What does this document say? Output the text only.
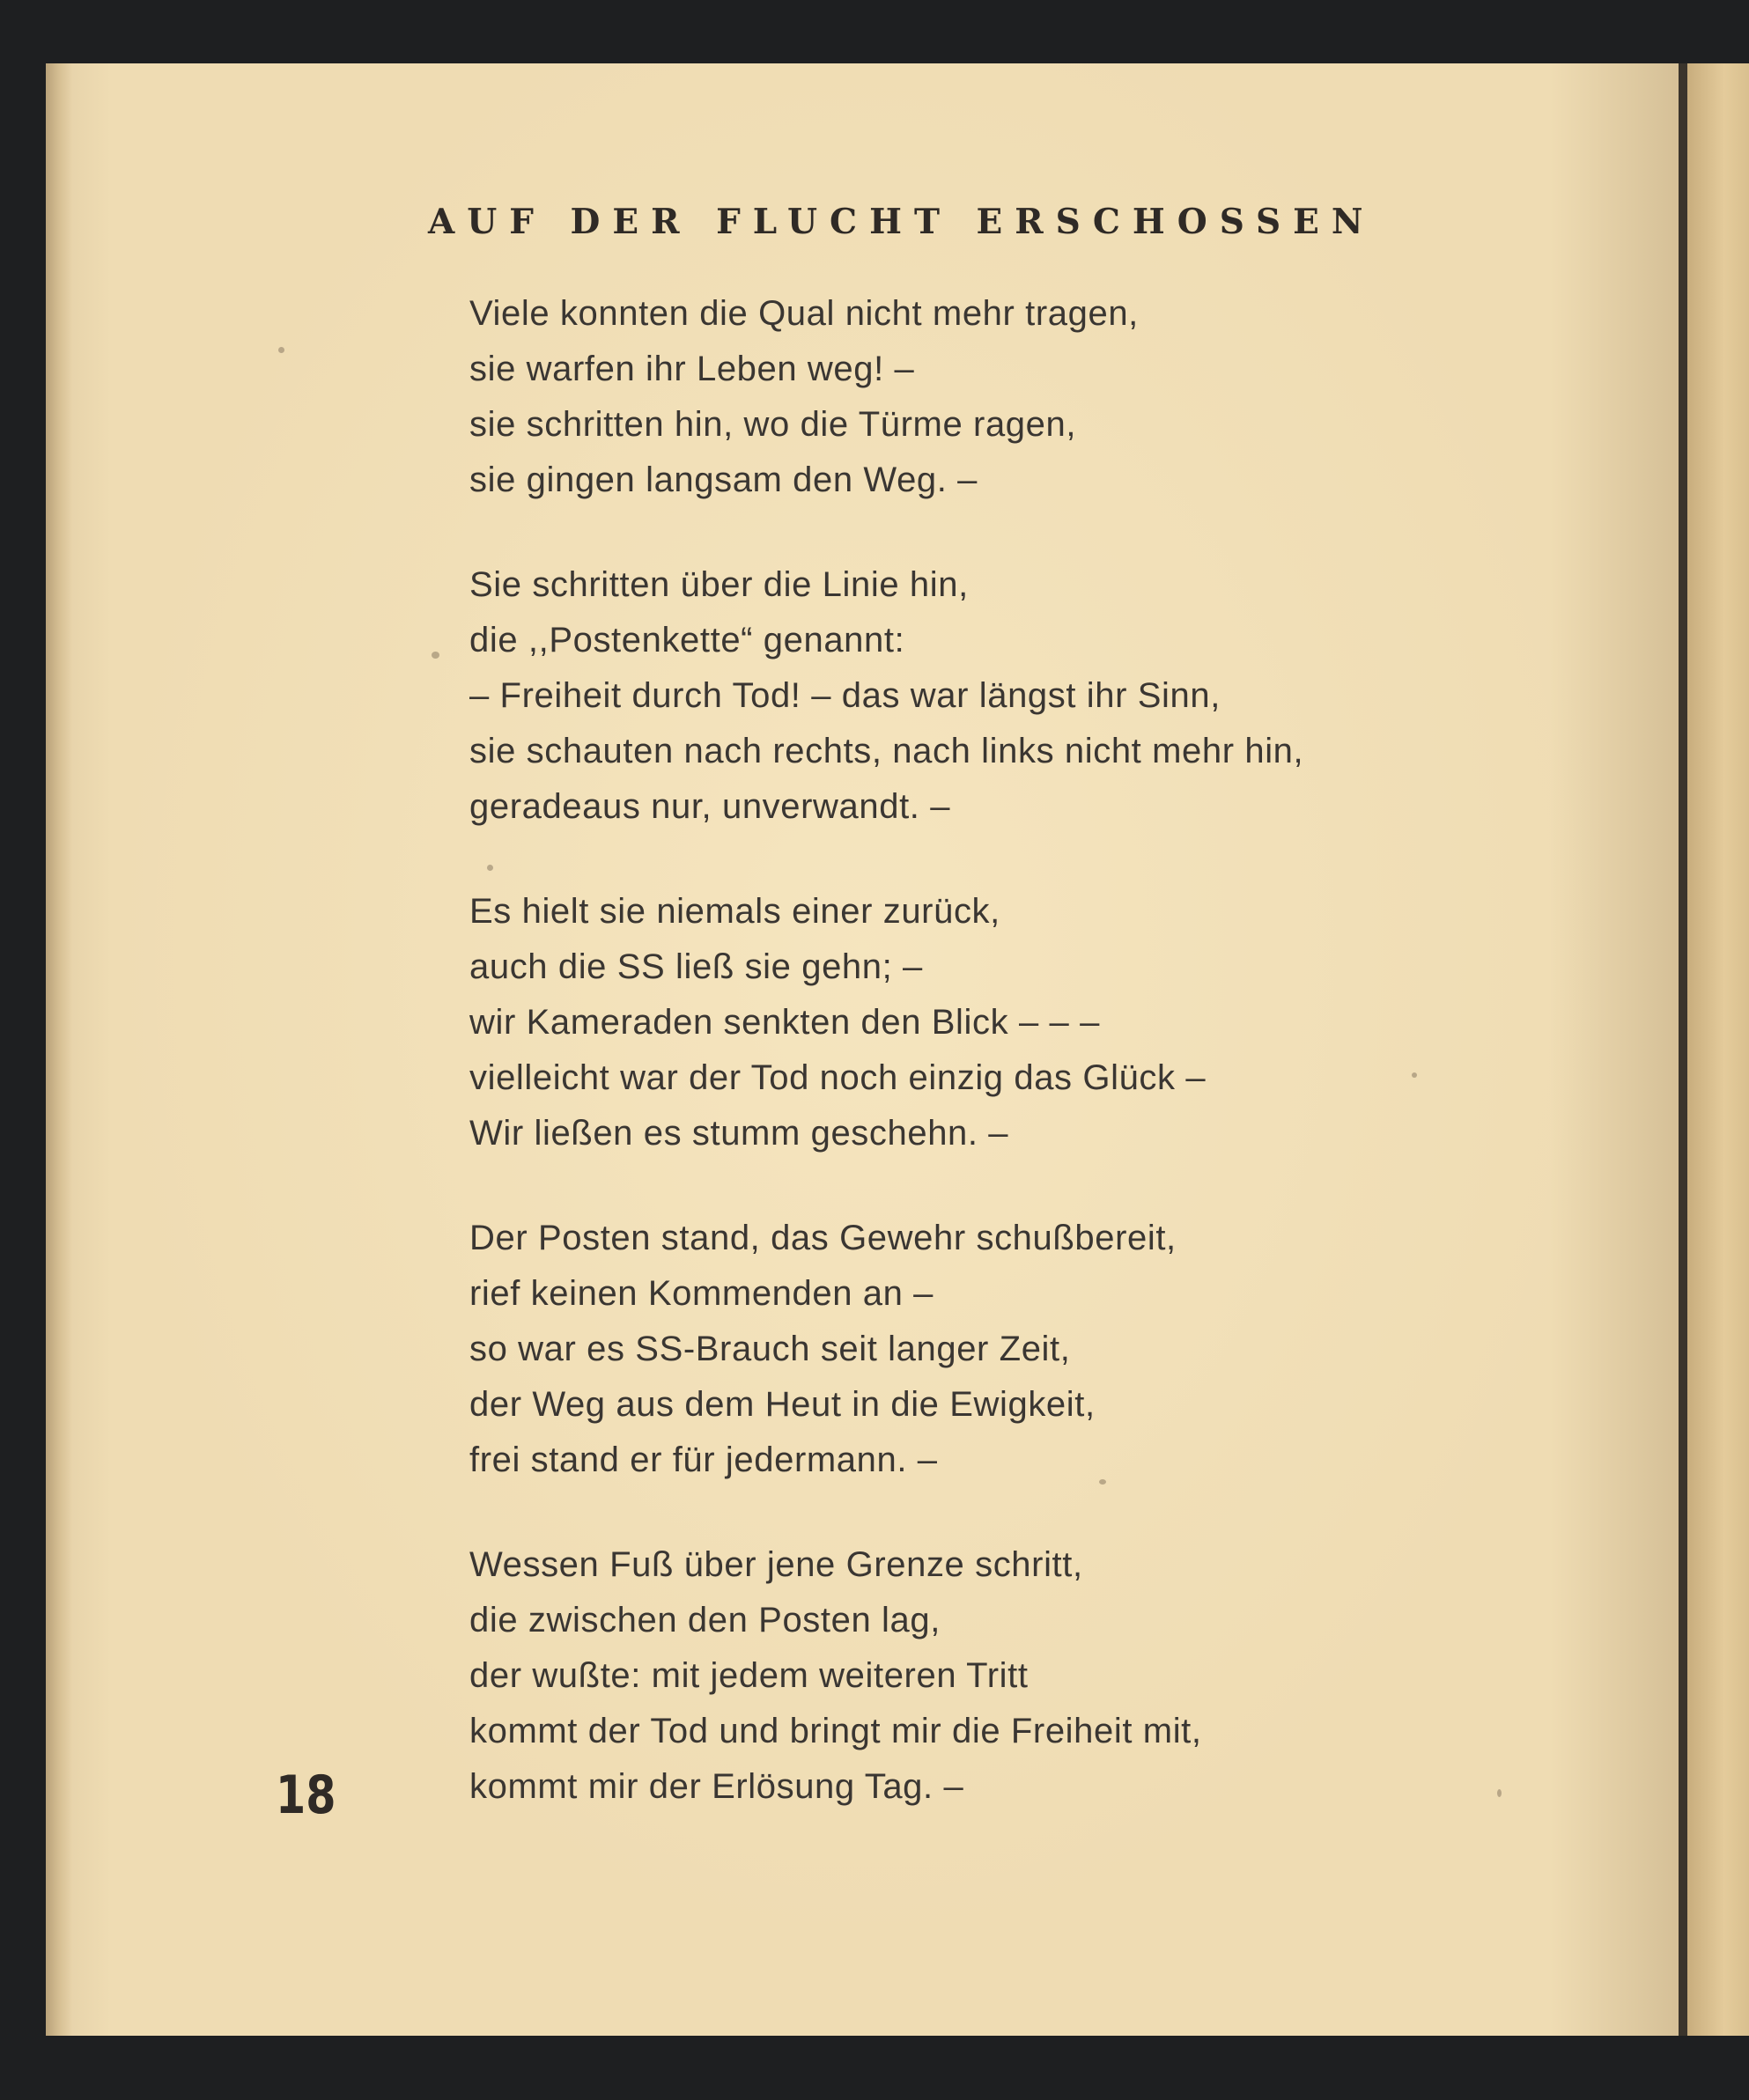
AUF DER FLUCHT ERSCHOSSEN
Viele konnten die Qual nicht mehr tragen,
sie warfen ihr Leben weg! –
sie schritten hin, wo die Türme ragen,
sie gingen langsam den Weg. –
Sie schritten über die Linie hin,
die ,,Postenkette“ genannt:
– Freiheit durch Tod! – das war längst ihr Sinn,
sie schauten nach rechts, nach links nicht mehr hin,
geradeaus nur, unverwandt. –
Es hielt sie niemals einer zurück,
auch die SS ließ sie gehn; –
wir Kameraden senkten den Blick – – –
vielleicht war der Tod noch einzig das Glück –
Wir ließen es stumm geschehn. –
Der Posten stand, das Gewehr schußbereit,
rief keinen Kommenden an –
so war es SS-Brauch seit langer Zeit,
der Weg aus dem Heut in die Ewigkeit,
frei stand er für jedermann. –
Wessen Fuß über jene Grenze schritt,
die zwischen den Posten lag,
der wußte: mit jedem weiteren Tritt
kommt der Tod und bringt mir die Freiheit mit,
kommt mir der Erlösung Tag. –
18
